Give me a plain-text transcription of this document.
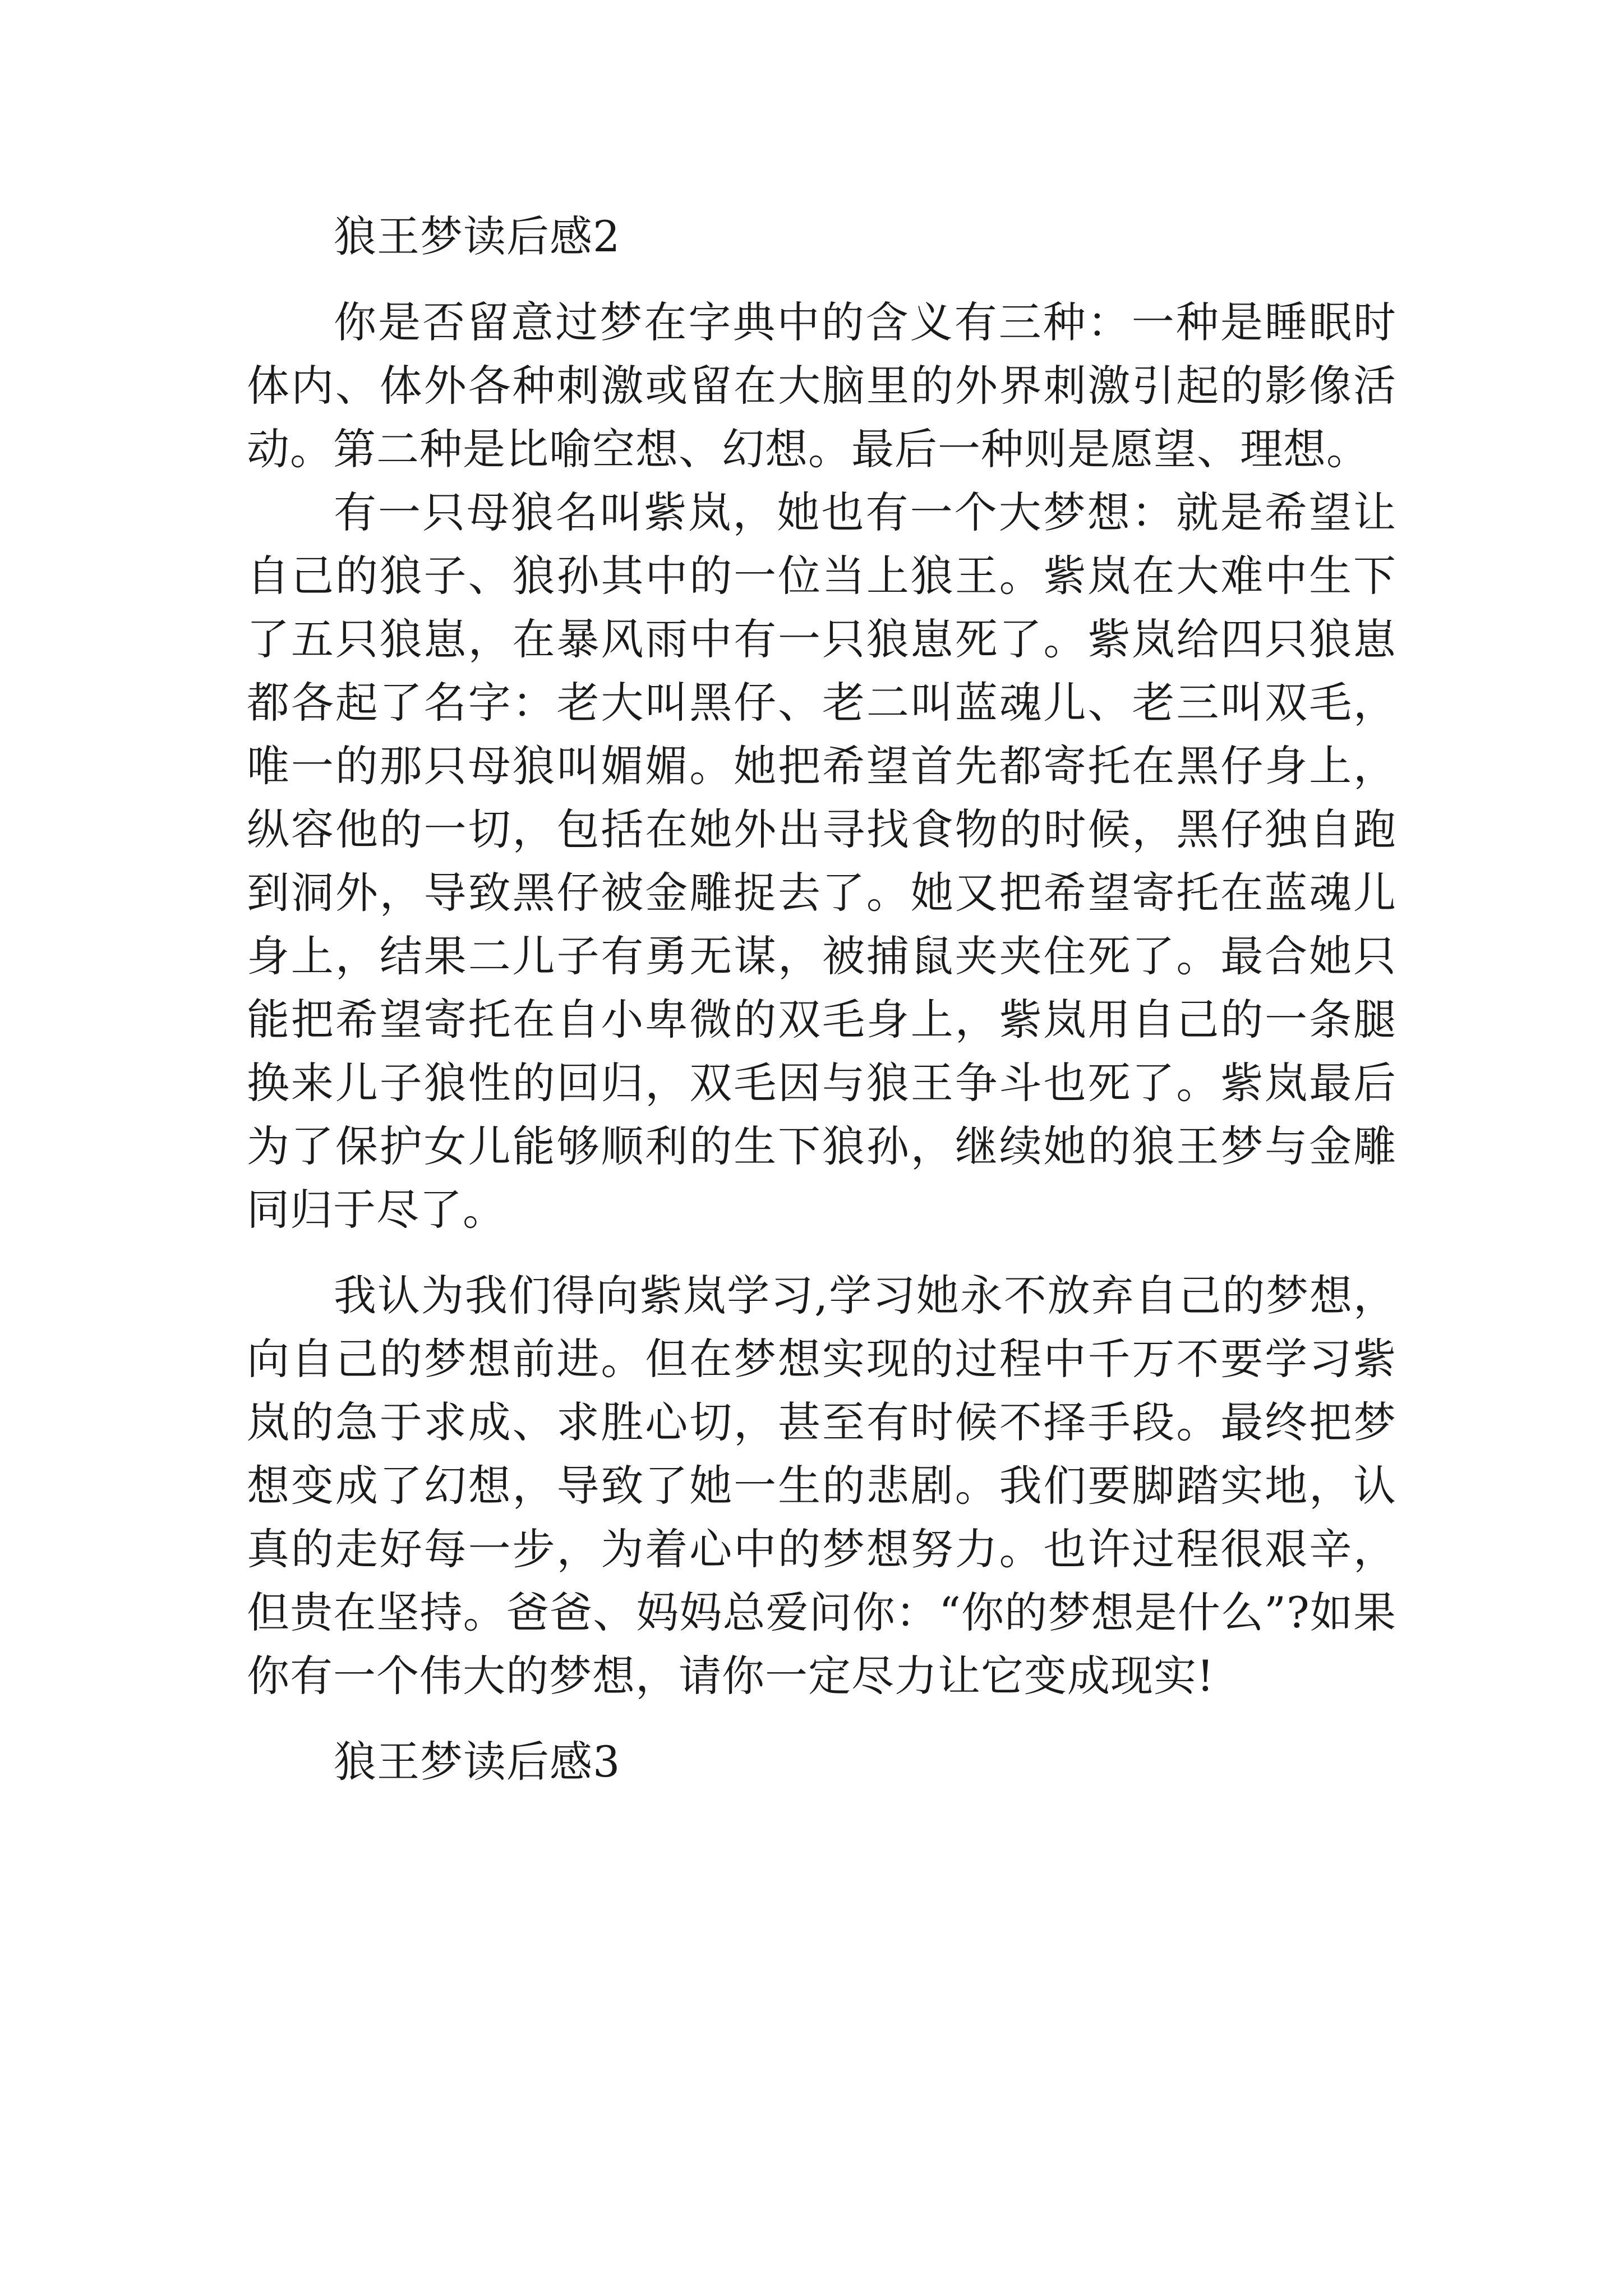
狼王梦读后感2

你是否留意过梦在字典中的含义有三种：一种是睡眠时体内、体外各种刺激或留在大脑里的外界刺激引起的影像活动。第二种是比喻空想、幻想。最后一种则是愿望、理想。

有一只母狼名叫紫岚，她也有一个大梦想：就是希望让自己的狼子、狼孙其中的一位当上狼王。紫岚在大难中生下了五只狼崽，在暴风雨中有一只狼崽死了。紫岚给四只狼崽都各起了名字：老大叫黑仔、老二叫蓝魂儿、老三叫双毛，唯一的那只母狼叫媚媚。她把希望首先都寄托在黑仔身上，纵容他的一切，包括在她外出寻找食物的时候，黑仔独自跑到洞外，导致黑仔被金雕捉去了。她又把希望寄托在蓝魂儿身上，结果二儿子有勇无谋，被捕鼠夹夹住死了。最合她只能把希望寄托在自小卑微的双毛身上，紫岚用自己的一条腿换来儿子狼性的回归，双毛因与狼王争斗也死了。紫岚最后为了保护女儿能够顺利的生下狼孙，继续她的狼王梦与金雕同归于尽了。

我认为我们得向紫岚学习,学习她永不放弃自己的梦想，向自己的梦想前进。但在梦想实现的过程中千万不要学习紫岚的急于求成、求胜心切，甚至有时候不择手段。最终把梦想变成了幻想，导致了她一生的悲剧。我们要脚踏实地，认真的走好每一步，为着心中的梦想努力。也许过程很艰辛，但贵在坚持。爸爸、妈妈总爱问你：“你的梦想是什么”?如果你有一个伟大的梦想，请你一定尽力让它变成现实!

狼王梦读后感3
